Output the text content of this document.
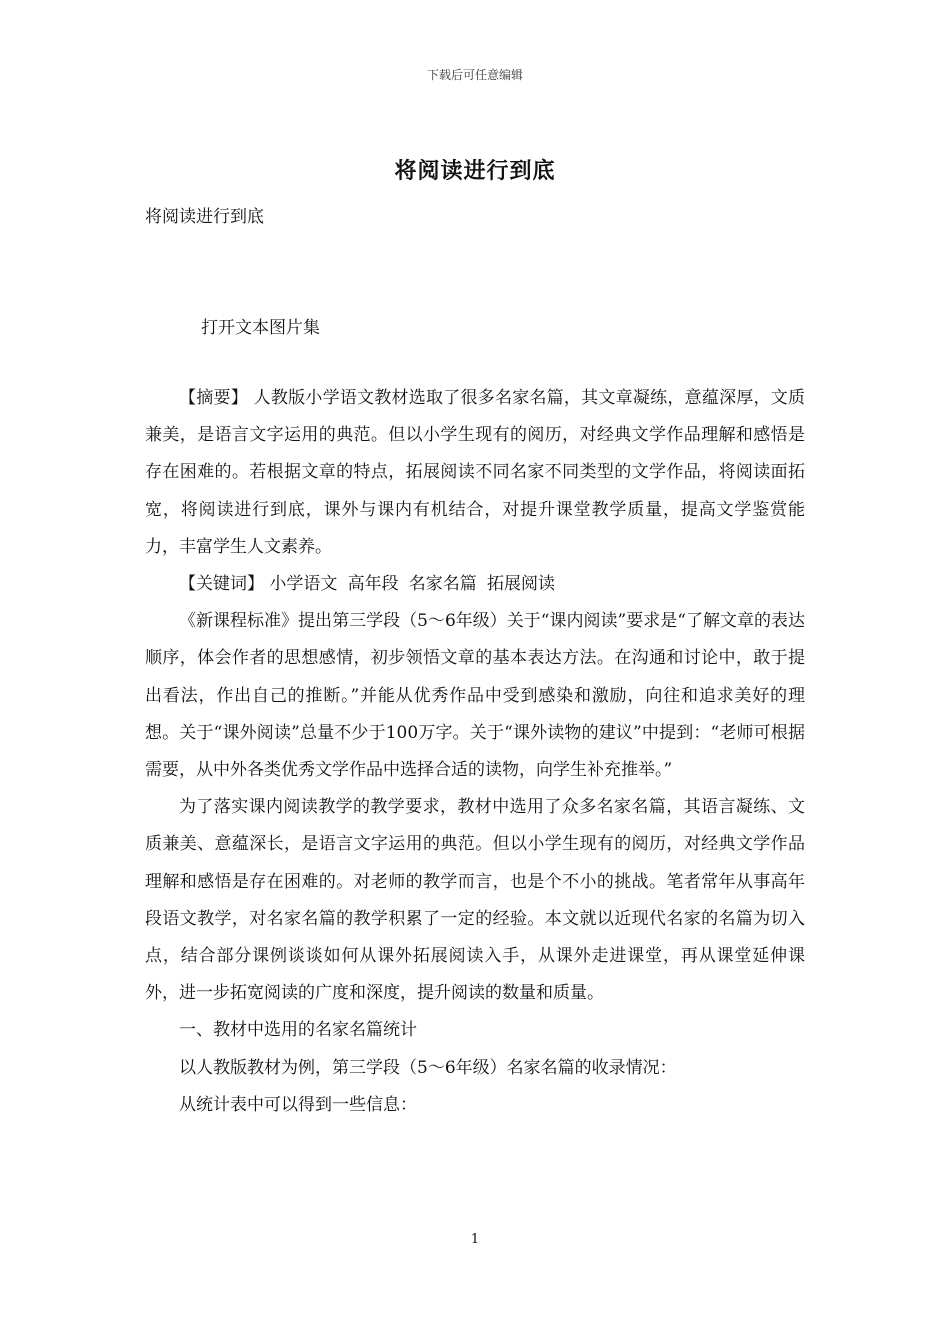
下载后可任意编辑
将阅读进行到底
将阅读进行到底
打开文本图片集

【摘要】 人教版小学语文教材选取了很多名家名篇，其文章凝练，意蕴深厚，文质兼美，是语言文字运用的典范。但以小学生现有的阅历，对经典文学作品理解和感悟是存在困难的。若根据文章的特点，拓展阅读不同名家不同类型的文学作品，将阅读面拓宽，将阅读进行到底，课外与课内有机结合，对提升课堂教学质量，提高文学鉴赏能力，丰富学生人文素养。

【关键词】 小学语文 高年段 名家名篇 拓展阅读

《新课程标准》提出第三学段（5～6年级）关于“课内阅读”要求是“了解文章的表达顺序，体会作者的思想感情，初步领悟文章的基本表达方法。在沟通和讨论中，敢于提出看法，作出自己的推断。”并能从优秀作品中受到感染和激励，向往和追求美好的理想。关于“课外阅读”总量不少于100万字。关于“课外读物的建议”中提到：“老师可根据需要，从中外各类优秀文学作品中选择合适的读物，向学生补充推举。”

为了落实课内阅读教学的教学要求，教材中选用了众多名家名篇，其语言凝练、文质兼美、意蕴深长，是语言文字运用的典范。但以小学生现有的阅历，对经典文学作品理解和感悟是存在困难的。对老师的教学而言，也是个不小的挑战。笔者常年从事高年段语文教学，对名家名篇的教学积累了一定的经验。本文就以近现代名家的名篇为切入点，结合部分课例谈谈如何从课外拓展阅读入手，从课外走进课堂，再从课堂延伸课外，进一步拓宽阅读的广度和深度，提升阅读的数量和质量。

一、教材中选用的名家名篇统计

以人教版教材为例，第三学段（5～6年级）名家名篇的收录情况：

从统计表中可以得到一些信息：

1
